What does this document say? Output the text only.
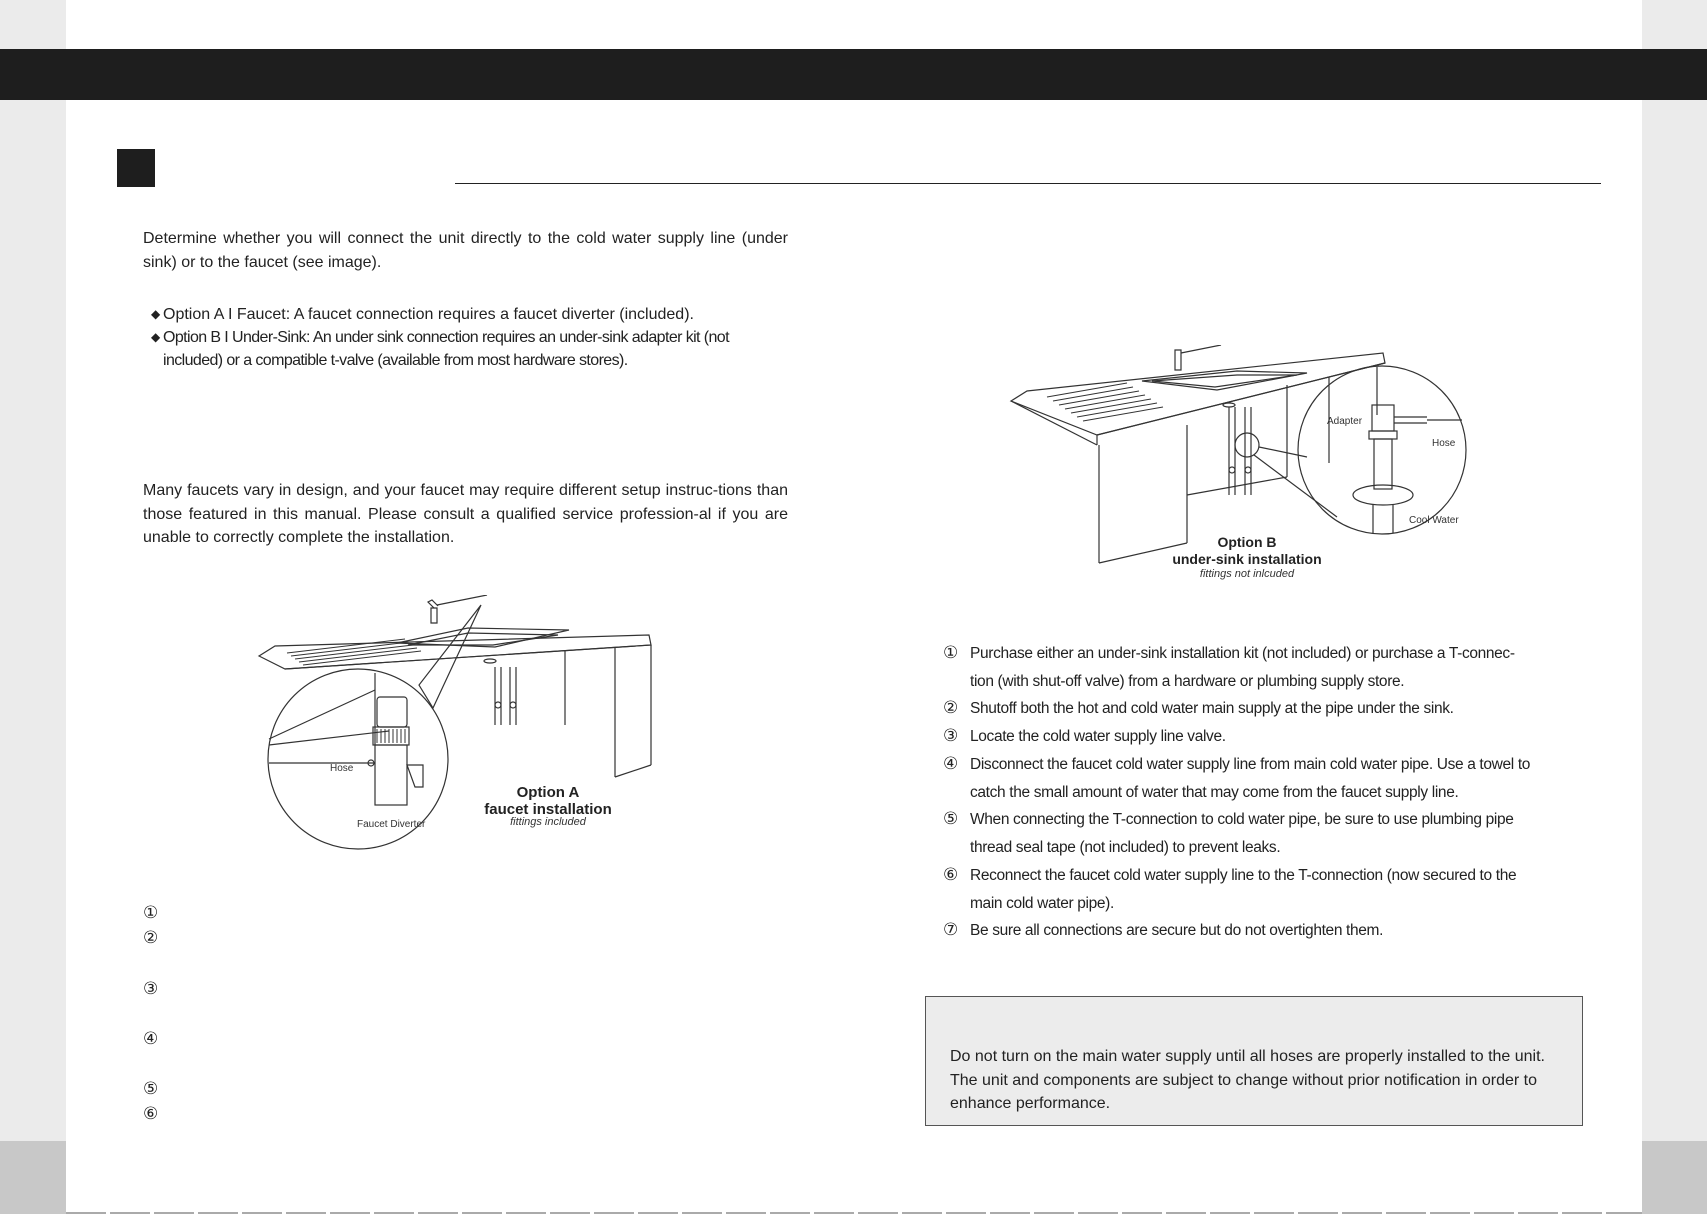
Determine whether you will connect the unit directly to the cold water supply line (under sink) or to the faucet (see image).
◆ Option A I Faucet: A faucet connection requires a faucet diverter (included).
◆ Option B I Under-Sink: An under sink connection requires an under-sink adapter kit (not included) or a compatible t-valve (available from most hardware stores).
Many faucets vary in design, and your faucet may require different setup instruc-tions than those featured in this manual. Please consult a qualified service profession-al if you are unable to correctly complete the installation.
Hose
Faucet Diverter
Option A
faucet installation
fittings included
Adapter
Hose
Cool Water
Option B
under-sink installation
fittings not inlcuded
①
②
③
④
⑤
⑥
① Purchase either an under-sink installation kit (not included) or purchase a T-connec-
tion (with shut-off valve) from a hardware or plumbing supply store.
② Shutoff both the hot and cold water main supply at the pipe under the sink.
③ Locate the cold water supply line valve.
④ Disconnect the faucet cold water supply line from main cold water pipe. Use a towel to
catch the small amount of water that may come from the faucet supply line.
⑤ When connecting the T-connection to cold water pipe, be sure to use plumbing pipe
thread seal tape (not included) to prevent leaks.
⑥ Reconnect the faucet cold water supply line to the T-connection (now secured to the
main cold water pipe).
⑦ Be sure all connections are secure but do not overtighten them.
Do not turn on the main water supply until all hoses are properly installed to the unit. The unit and components are subject to change without prior notification in order to enhance performance.
